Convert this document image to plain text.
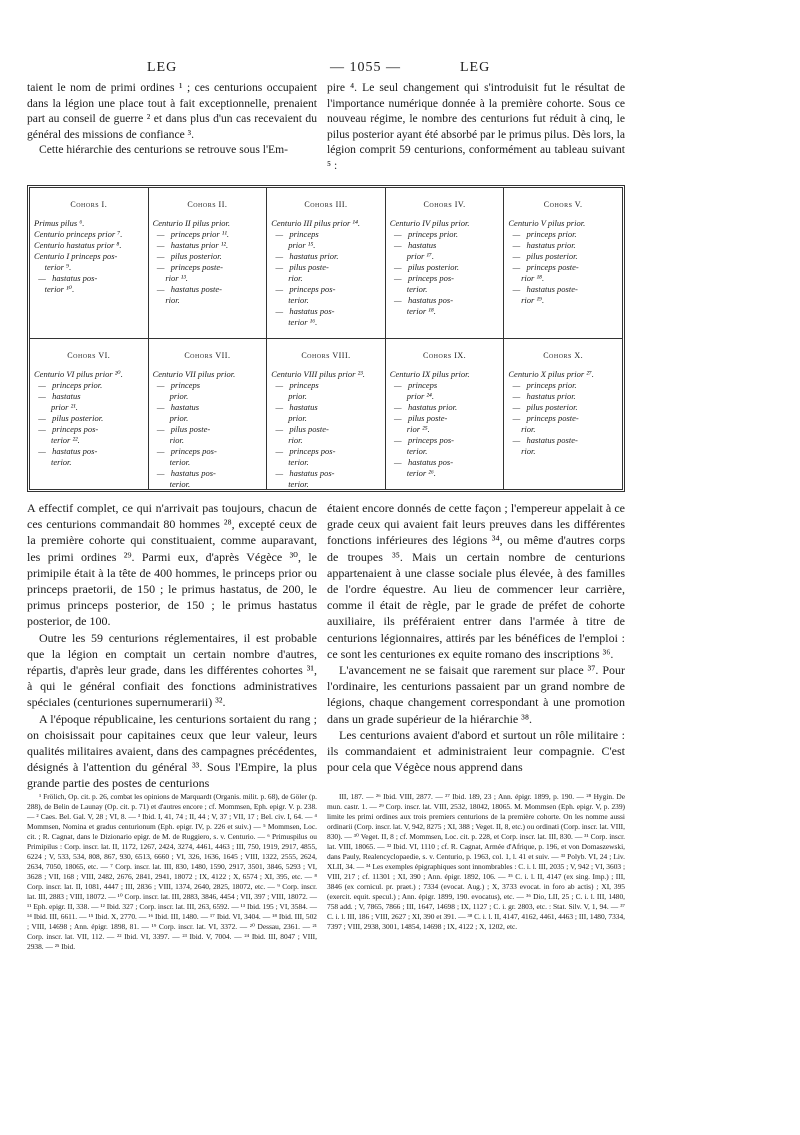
LEG	— 1055 —	LEG

taient le nom de primi ordines ¹ ; ces centurions occupaient dans la légion une place tout à fait exceptionnelle, prenaient part au conseil de guerre ² et dans plus d'un cas recevaient du général des missions de confiance ³.

Cette hiérarchie des centurions se retrouve sous l'Em-

pire ⁴. Le seul changement qui s'introduisit fut le résultat de l'importance numérique donnée à la première cohorte. Sous ce nouveau régime, le nombre des centurions fut réduit à cinq, le pilus posterior ayant été absorbé par le primus pilus. Dès lors, la légion comprit 59 centurions, conformément au tableau suivant ⁵ :

Cohors I.
Primus pilus ⁶.
Centurio princeps prior ⁷.
Centurio hastatus prior ⁸.
Centurio I princeps pos-
terior ⁹.
—   hastatus pos-
terior ¹⁰.
Cohors II.
Centurio II pilus prior.
—   princeps prior ¹¹.
—   hastatus prior ¹².
—   pilus posterior.
—   princeps poste-
rior ¹³.
—   hastatus poste-
rior.
Cohors III.
Centurio III pilus prior ¹⁴.
—   princeps
prior ¹⁵.
—   hastatus prior.
—   pilus poste-
rior.
—   princeps pos-
terior.
—   hastatus pos-
terior ¹⁶.
Cohors IV.
Centurio IV pilus prior.
—   princeps prior.
—   hastatus
prior ¹⁷.
—   pilus posterior.
—   princeps pos-
terior.
—   hastatus pos-
terior ¹⁸.
Cohors V.
Centurio V pilus prior.
—   princeps prior.
—   hastatus prior.
—   pilus posterior.
—   princeps poste-
rior ¹⁸.
—   hastatus poste-
rior ¹⁹.
Cohors VI.
Centurio VI pilus prior ²⁰.
—   princeps prior.
—   hastatus
prior ²¹.
—   pilus posterior.
—   princeps pos-
terior ²².
—   hastatus pos-
terior.
Cohors VII.
Centurio VII pilus prior.
—   princeps
prior.
—   hastatus
prior.
—   pilus poste-
rior.
—   princeps pos-
terior.
—   hastatus pos-
terior.
Cohors VIII.
Centurio VIII pilus prior ²³.
—   princeps
prior.
—   hastatus
prior.
—   pilus poste-
rior.
—   princeps pos-
terior.
—   hastatus pos-
terior.
Cohors IX.
Centurio IX pilus prior.
—   princeps
prior ²⁴.
—   hastatus prior.
—   pilus poste-
rior ²⁵.
—   princeps pos-
terior.
—   hastatus pos-
terior ²⁶.
Cohors X.
Centurio X pilus prior ²⁷.
—   princeps prior.
—   hastatus prior.
—   pilus posterior.
—   princeps poste-
rior.
—   hastatus poste-
rior.

A effectif complet, ce qui n'arrivait pas toujours, chacun de ces centurions commandait 80 hommes ²⁸, excepté ceux de la première cohorte qui constituaient, comme auparavant, les primi ordines ²⁹. Parmi eux, d'après Végèce ³⁰, le primipile était à la tête de 400 hommes, le princeps prior ou princeps praetorii, de 150 ; le primus hastatus, de 200, le primus princeps posterior, de 150 ; le primus hastatus posterior, de 100.

Outre les 59 centurions réglementaires, il est probable que la légion en comptait un certain nombre d'autres, répartis, d'après leur grade, dans les différentes cohortes ³¹, à qui le général confiait des fonctions administratives spéciales (centuriones supernumerarii) ³².

A l'époque républicaine, les centurions sortaient du rang ; on choisissait pour capitaines ceux que leur valeur, leurs qualités militaires avaient, dans des campagnes précédentes, désignés à l'attention du général ³³. Sous l'Empire, la plus grande partie des postes de centurions

étaient encore donnés de cette façon ; l'empereur appelait à ce grade ceux qui avaient fait leurs preuves dans les différentes fonctions inférieures des légions ³⁴, ou même d'autres corps de troupes ³⁵. Mais un certain nombre de centurions appartenaient à une classe sociale plus élevée, à des familles de l'ordre équestre. Au lieu de commencer leur carrière, comme il était de règle, par le grade de préfet de cohorte auxiliaire, ils préféraient entrer dans l'armée à titre de centurions légionnaires, attirés par les bénéfices de l'emploi : ce sont les centuriones ex equite romano des inscriptions ³⁶.

L'avancement ne se faisait que rarement sur place ³⁷. Pour l'ordinaire, les centurions passaient par un grand nombre de légions, chaque changement correspondant à une promotion dans un grade supérieur de la hiérarchie ³⁸.

Les centurions avaient d'abord et surtout un rôle militaire : ils commandaient et administraient leur compagnie. C'est pour cela que Végèce nous apprend dans

¹ Frölich, Op. cit. p. 26, combat les opinions de Marquardt (Organis. milit. p. 68), de Göler (p. 288), de Belin de Launay (Op. cit. p. 71) et d'autres encore ; cf. Mommsen, Eph. epigr. V. p. 238. — ² Caes. Bel. Gal. V, 28 ; VI, 8. — ³ Ibid. I, 41, 74 ; II, 44 ; V, 37 ; VII, 17 ; Bel. civ. I, 64. — ⁴ Mommsen, Nomina et gradus centurionum (Eph. epigr. IV, p. 226 et suiv.) — ⁵ Mommsen, Loc. cit. ; R. Cagnat, dans le Dizionario epigr. de M. de Ruggiero, s. v. Centurio. — ⁶ Primuspilus ou Primipilus : Corp. inscr. lat. II, 1172, 1267, 2424, 3274, 4461, 4463 ; III, 750, 1919, 2917, 4855, 6224 ; V, 533, 534, 808, 867, 930, 6513, 6660 ; VI, 326, 1636, 1645 ; VIII, 1322, 2555, 2624, 2634, 7050, 18065, etc. — ⁷ Corp. inscr. lat. III, 830, 1480, 1590, 2917, 3501, 3846, 5293 ; VI, 3628 ; VII, 168 ; VIII, 2482, 2676, 2841, 2941, 18072 ; IX, 4122 ; X, 6574 ; XI, 395, etc. — ⁸ Corp. inscr. lat. II, 1081, 4447 ; III, 2836 ; VIII, 1374, 2640, 2825, 18072, etc. — ⁹ Corp. inscr. lat. III, 2883 ; VIII, 18072. — ¹⁰ Corp. inscr. lat. III, 2883, 3846, 4454 ; VII, 397 ; VIII, 18072. — ¹¹ Eph. epigr. II, 338. — ¹² Ibid. 327 ; Corp. inscr. lat. III, 263, 6592. — ¹³ Ibid. 195 ; VI, 3584. — ¹⁴ Ibid. III, 6611. — ¹⁵ Ibid. X, 2770. — ¹⁶ Ibid. III, 1480. — ¹⁷ Ibid. VI, 3404. — ¹⁸ Ibid. III, 502 ; VIII, 14698 ; Ann. épigr. 1898, 81. — ¹⁹ Corp. inscr. lat. VI, 3372. — ²⁰ Dessau, 2361. — ²¹ Corp. inscr. lat. VII, 112. — ²² Ibid. VI, 3397. — ²³ Ibid. V, 7004. — ²⁴ Ibid. III, 8047 ; VIII, 2938. — ²⁵ Ibid.

III, 187. — ²⁶ Ibid. VIII, 2877. — ²⁷ Ibid. 189, 23 ; Ann. épigr. 1899, p. 190. — ²⁸ Hygin. De mun. castr. 1. — ²⁹ Corp. inscr. lat. VIII, 2532, 18042, 18065. M. Mommsen (Eph. epigr. V, p. 239) limite les primi ordines aux trois premiers centurions de la première cohorte. On les nomme aussi ordinarii (Corp. inscr. lat. V, 942, 8275 ; XI, 388 ; Veget. II, 8, etc.) ou ordinati (Corp. inscr. lat. VIII, 830). — ³⁰ Veget. II, 8 ; cf. Mommsen, Loc. cit. p. 228, et Corp. inscr. lat. III, 830. — ³¹ Corp. inscr. lat. VIII, 18065. — ³² Ibid. VI, 1110 ; cf. R. Cagnat, Armée d'Afrique, p. 196, et von Domaszewski, dans Pauly, Realencyclopaedie, s. v. Centurio, p. 1963, col. 1, l. 41 et suiv. — ³³ Polyb. VI, 24 ; Liv. XLII, 34. — ³⁴ Les exemples épigraphiques sont innombrables : C. i. l. III, 2035 ; V, 942 ; VI, 3603 ; VIII, 217 ; cf. 11301 ; XI, 390 ; Ann. épigr. 1892, 106. — ³⁵ C. i. l. II, 4147 (ex sing. Imp.) ; III, 3846 (ex cornicul. pr. praet.) ; 7334 (evocat. Aug.) ; X, 3733 evocat. in foro ab actis) ; XI, 395 (exercit. equit. specul.) ; Ann. épigr. 1899, 190. evocatus), etc. — ³⁶ Dio, LII, 25 ; C. i. l. III, 1480, 758 add. ; V, 7865, 7866 ; III, 1647, 14698 ; IX, 1127 ; C. i. gr. 2803, etc. : Stat. Silv. V, 1, 94. — ³⁷ C. i. l. III, 186 ; VIII, 2627 ; XI, 390 et 391. — ³⁸ C. i. l. II, 4147, 4162, 4461, 4463 ; III, 1480, 7334, 7397 ; VIII, 2938, 3001, 14854, 14698 ; IX, 4122 ; X, 1202, etc.
